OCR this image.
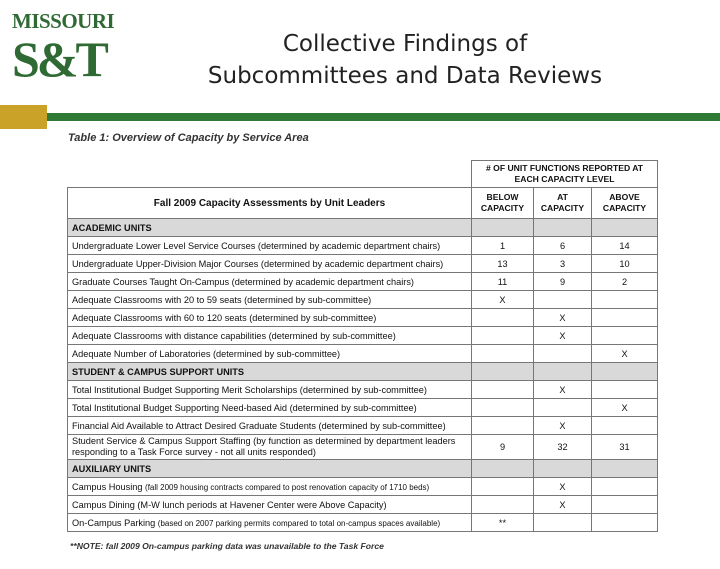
MISSOURI
S&T	Collective Findings of
Subcommittees and Data Reviews
Table 1: Overview of Capacity by Service Area
	# OF UNIT FUNCTIONS REPORTED AT EACH CAPACITY LEVEL		
Fall 2009 Capacity Assessments by Unit Leaders	BELOW CAPACITY	AT CAPACITY	ABOVE CAPACITY
ACADEMIC UNITS			
Undergraduate Lower Level Service Courses (determined by academic department chairs)	1	6	14
Undergraduate Upper-Division Major Courses (determined by academic department chairs)	13	3	10
Graduate Courses Taught On-Campus (determined by academic department chairs)	11	9	2
Adequate Classrooms with 20 to 59 seats (determined by sub-committee)	X		
Adequate Classrooms with 60 to 120 seats (determined by sub-committee)		X	
Adequate Classrooms with distance capabilities (determined by sub-committee)		X	
Adequate Number of Laboratories (determined by sub-committee)			X
STUDENT & CAMPUS SUPPORT UNITS			
Total Institutional Budget Supporting Merit Scholarships (determined by sub-committee)		X	
Total Institutional Budget Supporting Need-based Aid (determined by sub-committee)			X
Financial Aid Available to Attract Desired Graduate Students (determined by sub-committee)		X	
Student Service & Campus Support Staffing (by function as determined by department leaders responding to a Task Force survey - not all units responded)	9	32	31
AUXILIARY UNITS			
Campus Housing (fall 2009 housing contracts compared to post renovation capacity of 1710 beds)		X	
Campus Dining (M-W lunch periods at Havener Center were Above Capacity)		X	
On-Campus Parking (based on 2007 parking permits compared to total on-campus spaces available)	**		
**NOTE: fall 2009 On-campus parking data was unavailable to the Task Force
